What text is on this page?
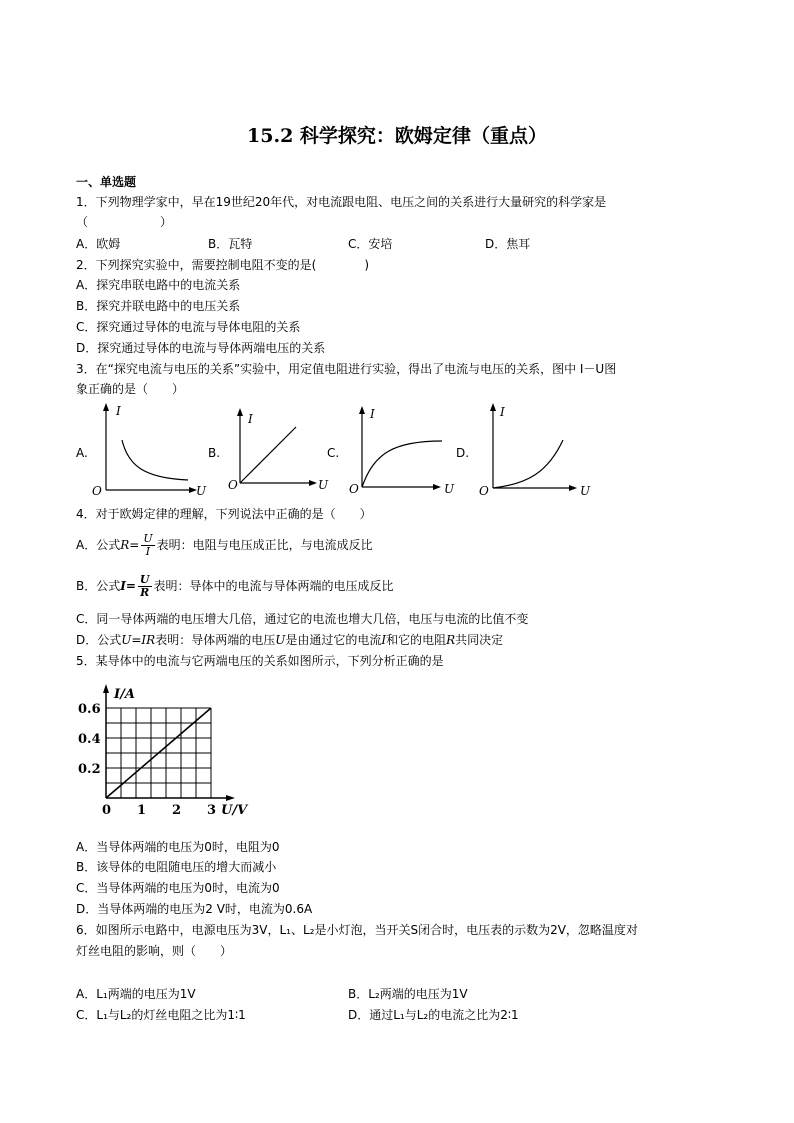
15.2 科学探究：欧姆定律（重点）
一、单选题
1．下列物理学家中，早在19世纪20年代，对电流跟电阻、电压之间的关系进行大量研究的科学家是
（　　　　　　）
A．欧姆	B．瓦特	C．安培	D．焦耳
2．下列探究实验中，需要控制电阻不变的是(　　　　)
A．探究串联电路中的电流关系
B．探究并联电路中的电压关系
C．探究通过导体的电流与导体电阻的关系
D．探究通过导体的电流与导体两端电压的关系
3．在“探究电流与电压的关系”实验中，用定值电阻进行实验，得出了电流与电压的关系，图中 I－U图
象正确的是（　　）
A.
I
U
O
B.
I
U
O
C.
I
U
O
D.
I
U
O
4．对于欧姆定律的理解，下列说法中正确的是（　　）
A．公式$R= \frac{U}{I}$ 表明：电阻与电压成正比，与电流成反比
B．公式$I= \frac{U}{R}$ 表明：导体中的电流与导体两端的电压成反比
C．同一导体两端的电压增大几倍，通过它的电流也增大几倍，电压与电流的比值不变
D．公式U=IR表明：导体两端的电压U是由通过它的电流I和它的电阻R共同决定
5．某导体中的电流与它两端电压的关系如图所示，下列分析正确的是
0 1 2 3
0.2
0.4
0.6
U/V
I/A
A．当导体两端的电压为0时，电阻为0
B．该导体的电阻随电压的增大而减小
C．当导体两端的电压为0时，电流为0
D．当导体两端的电压为2 V时，电流为0.6A
6．如图所示电路中，电源电压为3V，L₁、L₂是小灯泡，当开关S闭合时，电压表的示数为2V，忽略温度对
灯丝电阻的影响，则（　　）
A．L₁两端的电压为1V	B．L₂两端的电压为1V
C．L₁与L₂的灯丝电阻之比为1∶1	D．通过L₁与L₂的电流之比为2∶1
